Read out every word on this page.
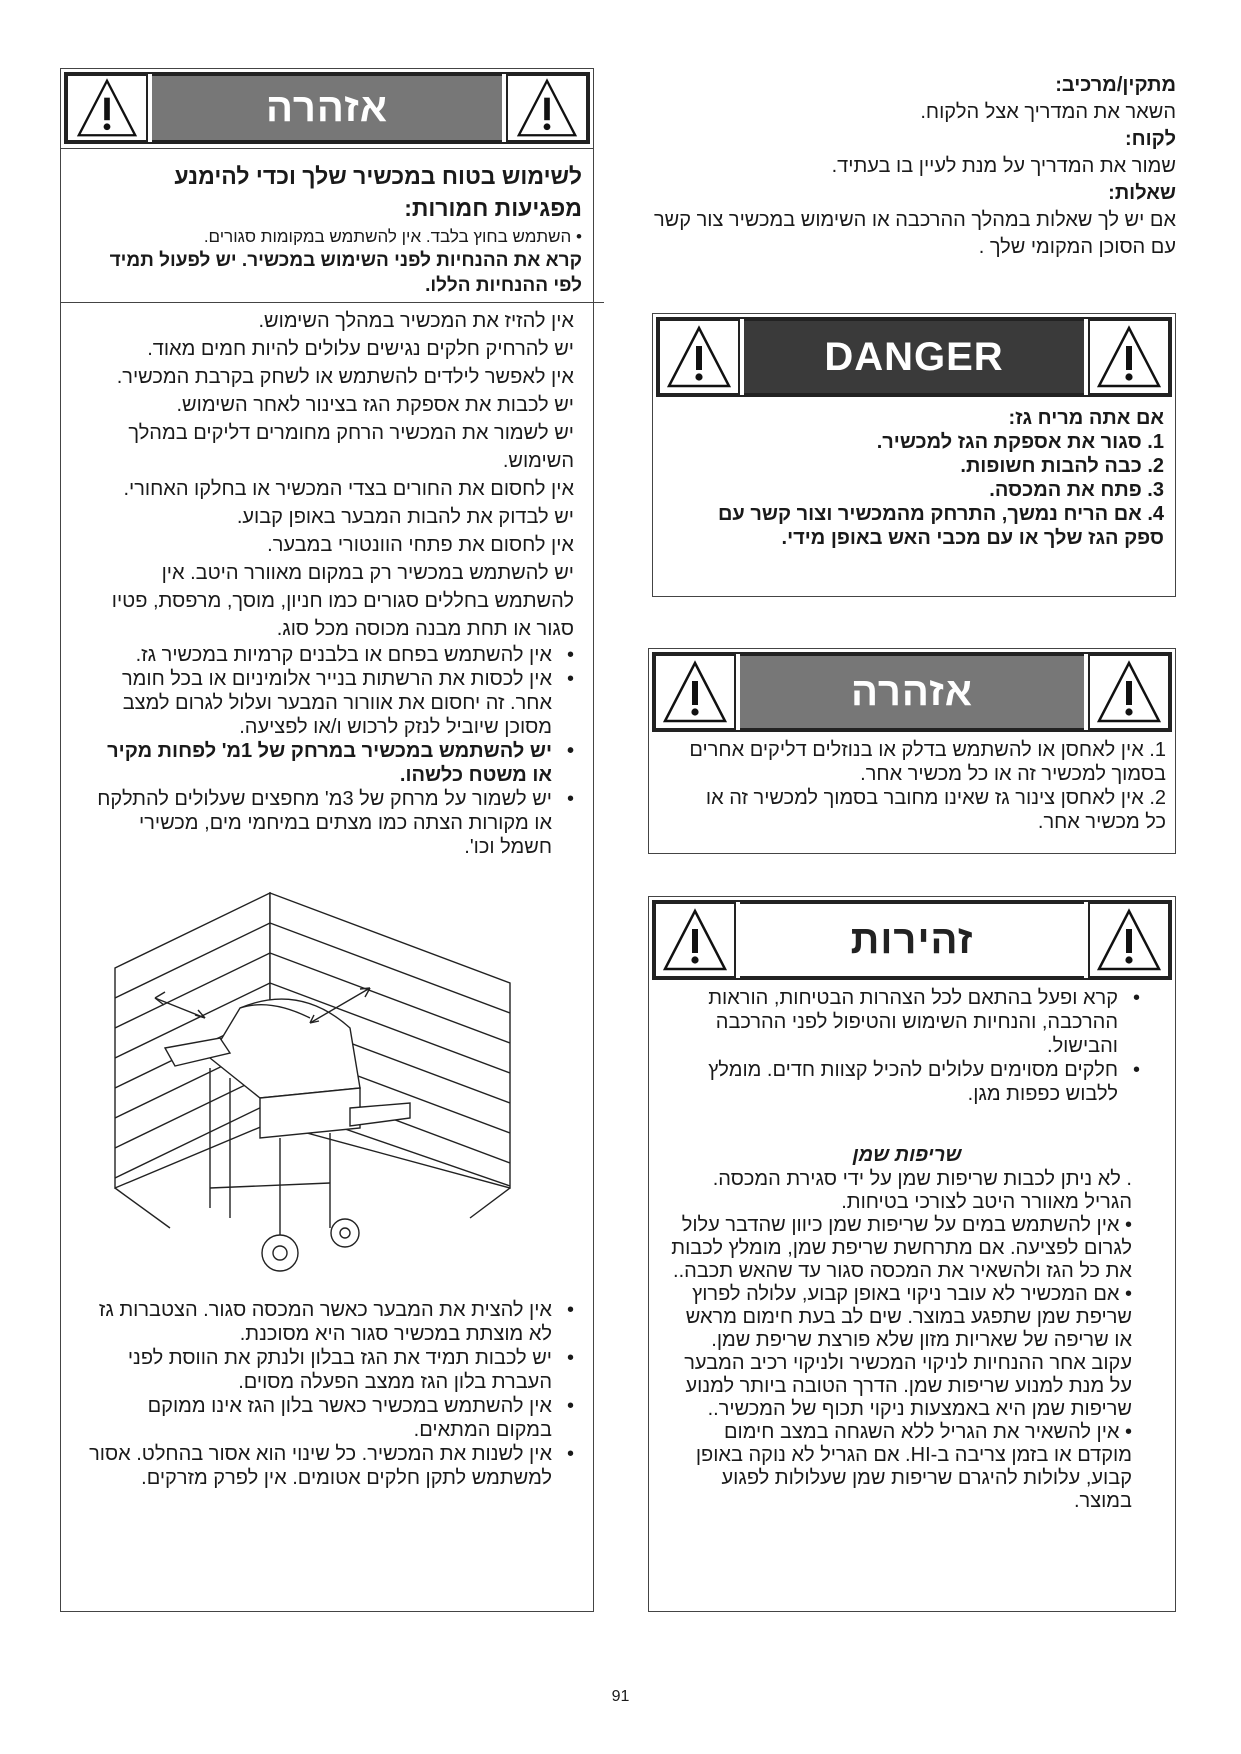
מתקין/מרכיב:

השאר את המדריך אצל הלקוח.

לקוח:

שמור את המדריך על מנת לעיין בו בעתיד.

שאלות:

אם יש לך שאלות במהלך ההרכבה או השימוש במכשיר צור קשר עם הסוכן המקומי שלך .

DANGER

אם אתה מריח גז:

1. סגור את אספקת הגז למכשיר.
2. כבה להבות חשופות.
3. פתח את המכסה.
4. אם הריח נמשך, התרחק מהמכשיר וצור קשר עם ספק הגז שלך או עם מכבי האש באופן מידי.
אזהרה
1. אין לאחסן או להשתמש בדלק או בנוזלים דליקים אחרים בסמוך למכשיר זה או כל מכשיר אחר.
2. אין לאחסן צינור גז שאינו מחובר בסמוך למכשיר זה או כל מכשיר אחר.
זהירות
• קרא ופעל בהתאם לכל הצהרות הבטיחות, הוראות ההרכבה, והנחיות השימוש והטיפול לפני ההרכבה והבישול.
• חלקים מסוימים עלולים להכיל קצוות חדים. מומלץ ללבוש כפפות מגן.

שריפות שמן

. לא ניתן לכבות שריפות שמן על ידי סגירת המכסה. הגריל מאוורר היטב לצורכי בטיחות.

• אין להשתמש במים על שריפות שמן כיוון שהדבר עלול לגרום לפציעה. אם מתרחשת שריפת שמן, מומלץ לכבות את כל הגז ולהשאיר את המכסה סגור עד שהאש תכבה..

• אם המכשיר לא עובר ניקוי באופן קבוע, עלולה לפרוץ שריפת שמן שתפגע במוצר. שים לב בעת חימום מראש או שריפה של שאריות מזון שלא פורצת שריפת שמן. עקוב אחר ההנחיות לניקוי המכשיר ולניקוי רכיב המבער על מנת למנוע שריפות שמן. הדרך הטובה ביותר למנוע שריפות שמן היא באמצעות ניקוי תכוף של המכשיר..

• אין להשאיר את הגריל ללא השגחה במצב חימום מוקדם או בזמן צריבה ב-HI. אם הגריל לא נוקה באופן קבוע, עלולות להיגרם שריפות שמן שעלולות לפגוע במוצר.

אזהרה

לשימוש בטוח במכשיר שלך וכדי להימנע מפגיעות חמורות:

• השתמש בחוץ בלבד. אין להשתמש במקומות סגורים.

קרא את ההנחיות לפני השימוש במכשיר. יש לפעול תמיד לפי ההנחיות הללו.

אין להזיז את המכשיר במהלך השימוש.

יש להרחיק חלקים נגישים עלולים להיות חמים מאוד.

אין לאפשר לילדים להשתמש או לשחק בקרבת המכשיר.

יש לכבות את אספקת הגז בצינור לאחר השימוש.

יש לשמור את המכשיר הרחק מחומרים דליקים במהלך השימוש.

אין לחסום את החורים בצדי המכשיר או בחלקו האחורי.

יש לבדוק את להבות המבער באופן קבוע.

אין לחסום את פתחי הוונטורי במבער.

יש להשתמש במכשיר רק במקום מאוורר היטב. אין להשתמש בחללים סגורים כמו חניון, מוסך, מרפסת, פטיו סגור או תחת מבנה מכוסה מכל סוג.

• אין להשתמש בפחם או בלבנים קרמיות במכשיר גז.
• אין לכסות את הרשתות בנייר אלומיניום או בכל חומר אחר. זה יחסום את אוורור המבער ועלול לגרום למצב מסוכן שיוביל לנזק לרכוש ו/או לפציעה.
• יש להשתמש במכשיר במרחק של 1מ' לפחות מקיר או משטח כלשהו.
• יש לשמור על מרחק של 3מ' מחפצים שעלולים להתלקח או מקורות הצתה כמו מצתים במיחמי מים, מכשירי חשמל וכו'.
• אין להצית את המבער כאשר המכסה סגור. הצטברות גז לא מוצתת במכשיר סגור היא מסוכנת.
• יש לכבות תמיד את הגז בבלון ולנתק את הווסת לפני העברת בלון הגז ממצב הפעלה מסוים.
• אין להשתמש במכשיר כאשר בלון הגז אינו ממוקם במקום המתאים.
• אין לשנות את המכשיר. כל שינוי הוא אסור בהחלט. אסור למשתמש לתקן חלקים אטומים. אין לפרק מזרקים.
91
